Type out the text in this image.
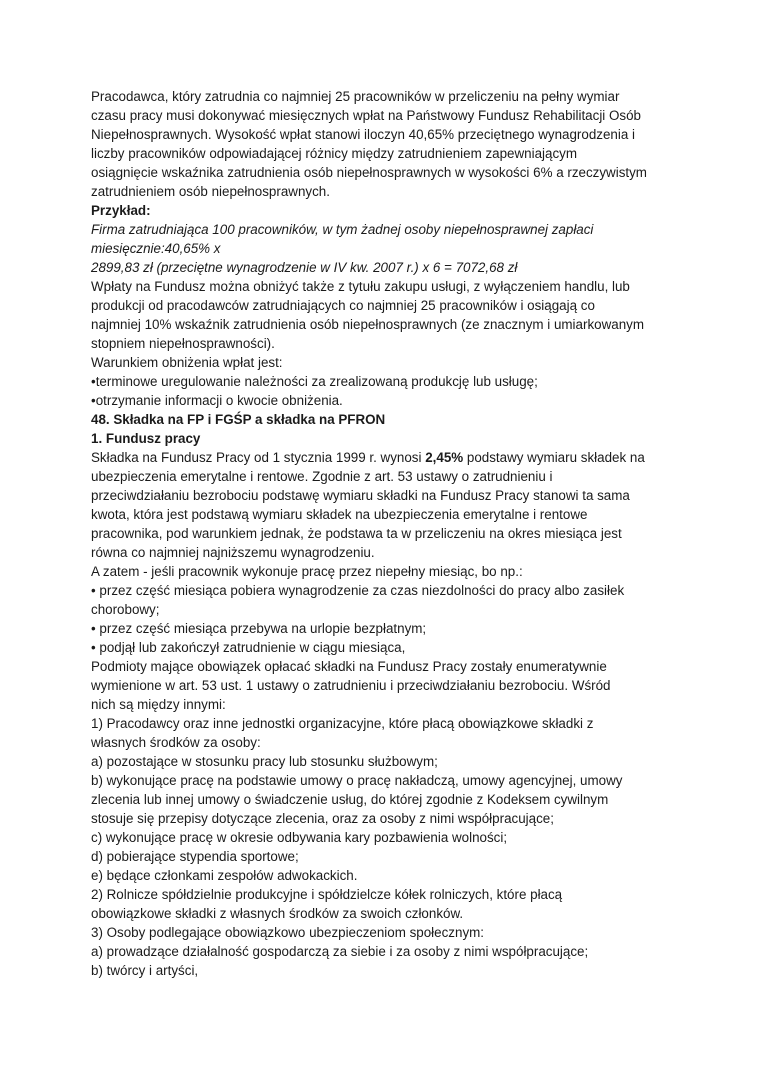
Pracodawca, który zatrudnia co najmniej 25 pracowników w przeliczeniu na pełny wymiar
czasu pracy musi dokonywać miesięcznych wpłat na Państwowy Fundusz Rehabilitacji Osób
Niepełnosprawnych. Wysokość wpłat stanowi iloczyn 40,65% przeciętnego wynagrodzenia i
liczby pracowników odpowiadającej różnicy między zatrudnieniem zapewniającym
osiągnięcie wskaźnika zatrudnienia osób niepełnosprawnych w wysokości 6% a rzeczywistym
zatrudnieniem osób niepełnosprawnych.
Przykład:
Firma zatrudniająca 100 pracowników, w tym żadnej osoby niepełnosprawnej zapłaci
miesięcznie:40,65% x
2899,83 zł (przeciętne wynagrodzenie w IV kw. 2007 r.) x 6 = 7072,68 zł
Wpłaty na Fundusz można obniżyć także z tytułu zakupu usługi, z wyłączeniem handlu, lub
produkcji od pracodawców zatrudniających co najmniej 25 pracowników i osiągają co
najmniej 10% wskaźnik zatrudnienia osób niepełnosprawnych (ze znacznym i umiarkowanym
stopniem niepełnosprawności).
Warunkiem obniżenia wpłat jest:
•terminowe uregulowanie należności za zrealizowaną produkcję lub usługę;
•otrzymanie informacji o kwocie obniżenia.
48. Składka na FP i FGŚP a składka na PFRON
1. Fundusz pracy
Składka na Fundusz Pracy od 1 stycznia 1999 r. wynosi 2,45% podstawy wymiaru składek na
ubezpieczenia emerytalne i rentowe. Zgodnie z art. 53 ustawy o zatrudnieniu i
przeciwdziałaniu bezrobociu podstawę wymiaru składki na Fundusz Pracy stanowi ta sama
kwota, która jest podstawą wymiaru składek na ubezpieczenia emerytalne i rentowe
pracownika, pod warunkiem jednak, że podstawa ta w przeliczeniu na okres miesiąca jest
równa co najmniej najniższemu wynagrodzeniu.
A zatem - jeśli pracownik wykonuje pracę przez niepełny miesiąc, bo np.:
• przez część miesiąca pobiera wynagrodzenie za czas niezdolności do pracy albo zasiłek
chorobowy;
• przez część miesiąca przebywa na urlopie bezpłatnym;
• podjął lub zakończył zatrudnienie w ciągu miesiąca,
Podmioty mające obowiązek opłacać składki na Fundusz Pracy zostały enumeratywnie
wymienione w art. 53 ust. 1 ustawy o zatrudnieniu i przeciwdziałaniu bezrobociu. Wśród
nich są między innymi:
1) Pracodawcy oraz inne jednostki organizacyjne, które płacą obowiązkowe składki z
własnych środków za osoby:
a) pozostające w stosunku pracy lub stosunku służbowym;
b) wykonujące pracę na podstawie umowy o pracę nakładczą, umowy agencyjnej, umowy
zlecenia lub innej umowy o świadczenie usług, do której zgodnie z Kodeksem cywilnym
stosuje się przepisy dotyczące zlecenia, oraz za osoby z nimi współpracujące;
c) wykonujące pracę w okresie odbywania kary pozbawienia wolności;
d) pobierające stypendia sportowe;
e) będące członkami zespołów adwokackich.
2) Rolnicze spółdzielnie produkcyjne i spółdzielcze kółek rolniczych, które płacą
obowiązkowe składki z własnych środków za swoich członków.
3) Osoby podlegające obowiązkowo ubezpieczeniom społecznym:
a) prowadzące działalność gospodarczą za siebie i za osoby z nimi współpracujące;
b) twórcy i artyści,
